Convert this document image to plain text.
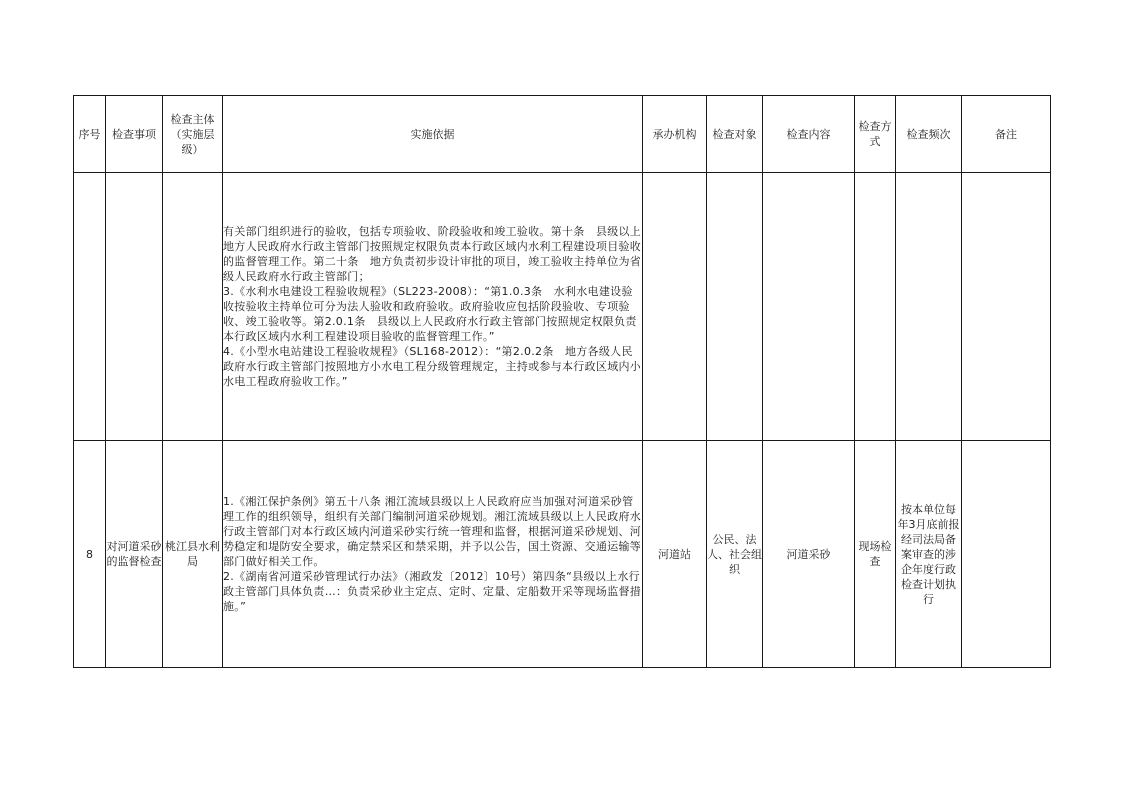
序号	检查事项	检查主体（实施层级）	实施依据	承办机构	检查对象	检查内容	检查方式	检查频次	备注

			有关部门组织进行的验收，包括专项验收、阶段验收和竣工验收。第十条　县级以上地方人民政府水行政主管部门按照规定权限负责本行政区域内水利工程建设项目验收的监督管理工作。第二十条　地方负责初步设计审批的项目，竣工验收主持单位为省级人民政府水行政主管部门；
3.《水利水电建设工程验收规程》（SL223-2008）：“第1.0.3条　水利水电建设验收按验收主持单位可分为法人验收和政府验收。政府验收应包括阶段验收、专项验收、竣工验收等。第2.0.1条　县级以上人民政府水行政主管部门按照规定权限负责本行政区域内水利工程建设项目验收的监督管理工作。”
4.《小型水电站建设工程验收规程》（SL168-2012）：“第2.0.2条　地方各级人民政府水行政主管部门按照地方小水电工程分级管理规定，主持或参与本行政区域内小水电工程政府验收工作。”						

8	对河道采砂的监督检查	桃江县水利局	1.《湘江保护条例》第五十八条 湘江流域县级以上人民政府应当加强对河道采砂管理工作的组织领导，组织有关部门编制河道采砂规划。湘江流域县级以上人民政府水行政主管部门对本行政区域内河道采砂实行统一管理和监督，根据河道采砂规划、河势稳定和堤防安全要求，确定禁采区和禁采期，并予以公告，国土资源、交通运输等部门做好相关工作。
2.《湖南省河道采砂管理试行办法》（湘政发〔2012〕10号）第四条“县级以上水行政主管部门具体负责…：负责采砂业主定点、定时、定量、定船数开采等现场监督措施。”	河道站	公民、法人、社会组织	河道采砂	现场检查	按本单位每年3月底前报经司法局备案审查的涉企年度行政检查计划执行	
